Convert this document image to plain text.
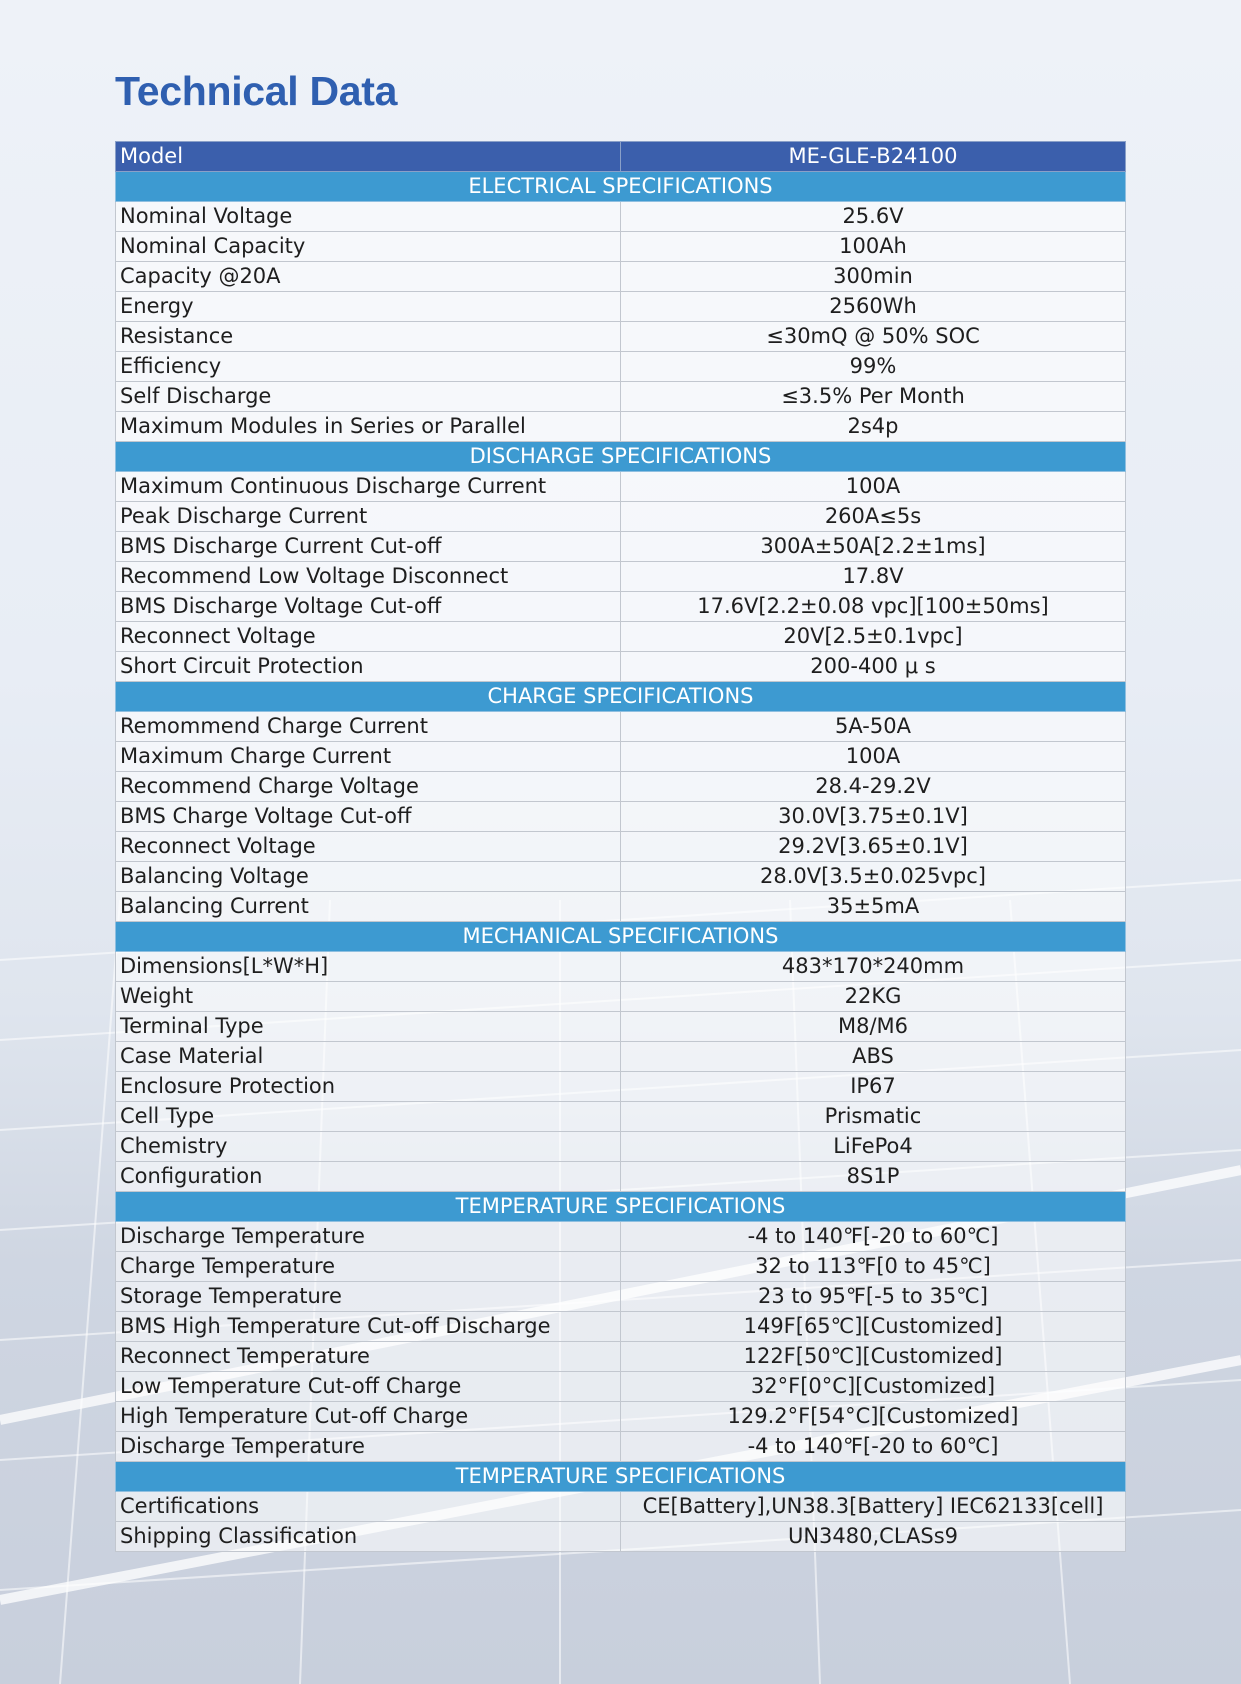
Technical Data
Model	ME-GLE-B24100
ELECTRICAL SPECIFICATIONS	
Nominal Voltage	25.6V
Nominal Capacity	100Ah
Capacity @20A	300min
Energy	2560Wh
Resistance	≤30mQ @ 50% SOC
Efficiency	99%
Self Discharge	≤3.5% Per Month
Maximum Modules in Series or Parallel	2s4p
DISCHARGE SPECIFICATIONS	
Maximum Continuous Discharge Current	100A
Peak Discharge Current	260A≤5s
BMS Discharge Current Cut-off	300A±50A[2.2±1ms]
Recommend Low Voltage Disconnect	17.8V
BMS Discharge Voltage Cut-off	17.6V[2.2±0.08 vpc][100±50ms]
Reconnect Voltage	20V[2.5±0.1vpc]
Short Circuit Protection	200-400 μ s
CHARGE SPECIFICATIONS	
Remommend Charge Current	5A-50A
Maximum Charge Current	100A
Recommend Charge Voltage	28.4-29.2V
BMS Charge Voltage Cut-off	30.0V[3.75±0.1V]
Reconnect Voltage	29.2V[3.65±0.1V]
Balancing Voltage	28.0V[3.5±0.025vpc]
Balancing Current	35±5mA
MECHANICAL SPECIFICATIONS	
Dimensions[L*W*H]	483*170*240mm
Weight	22KG
Terminal Type	M8/M6
Case Material	ABS
Enclosure Protection	IP67
Cell Type	Prismatic
Chemistry	LiFePo4
Configuration	8S1P
TEMPERATURE SPECIFICATIONS	
Discharge Temperature	-4 to 140℉[-20 to 60℃]
Charge Temperature	32 to 113℉[0 to 45℃]
Storage Temperature	23 to 95℉[-5 to 35℃]
BMS High Temperature Cut-off Discharge	149F[65℃][Customized]
Reconnect Temperature	122F[50℃][Customized]
Low Temperature Cut-off Charge	32°F[0°C][Customized]
High Temperature Cut-off Charge	129.2°F[54°C][Customized]
Discharge Temperature	-4 to 140℉[-20 to 60℃]
TEMPERATURE SPECIFICATIONS	
Certifications	CE[Battery],UN38.3[Battery] IEC62133[cell]
Shipping Classification	UN3480,CLASs9
